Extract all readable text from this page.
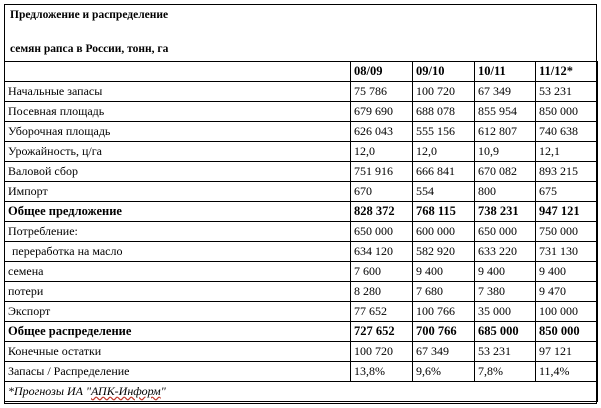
Предложение и распределение
семян рапса в России, тонн, га
	08/09	09/10	10/11	11/12*
Начальные запасы	75 786	100 720	67 349	53 231
Посевная площадь	679 690	688 078	855 954	850 000
Уборочная площадь	626 043	555 156	612 807	740 638
Урожайность, ц/га	12,0	12,0	10,9	12,1
Валовой сбор	751 916	666 841	670 082	893 215
Импорт	670	554	800	675
Общее предложение	828 372	768 115	738 231	947 121
Потребление:	650 000	600 000	650 000	750 000
переработка на масло	634 120	582 920	633 220	731 130
семена	7 600	9 400	9 400	9 400
потери	8 280	7 680	7 380	9 470
Экспорт	77 652	100 766	35 000	100 000
Общее распределение	727 652	700 766	685 000	850 000
Конечные остатки	100 720	67 349	53 231	97 121
Запасы / Распределение	13,8%	9,6%	7,8%	11,4%
*Прогнозы ИА "АПК-Информ"				
